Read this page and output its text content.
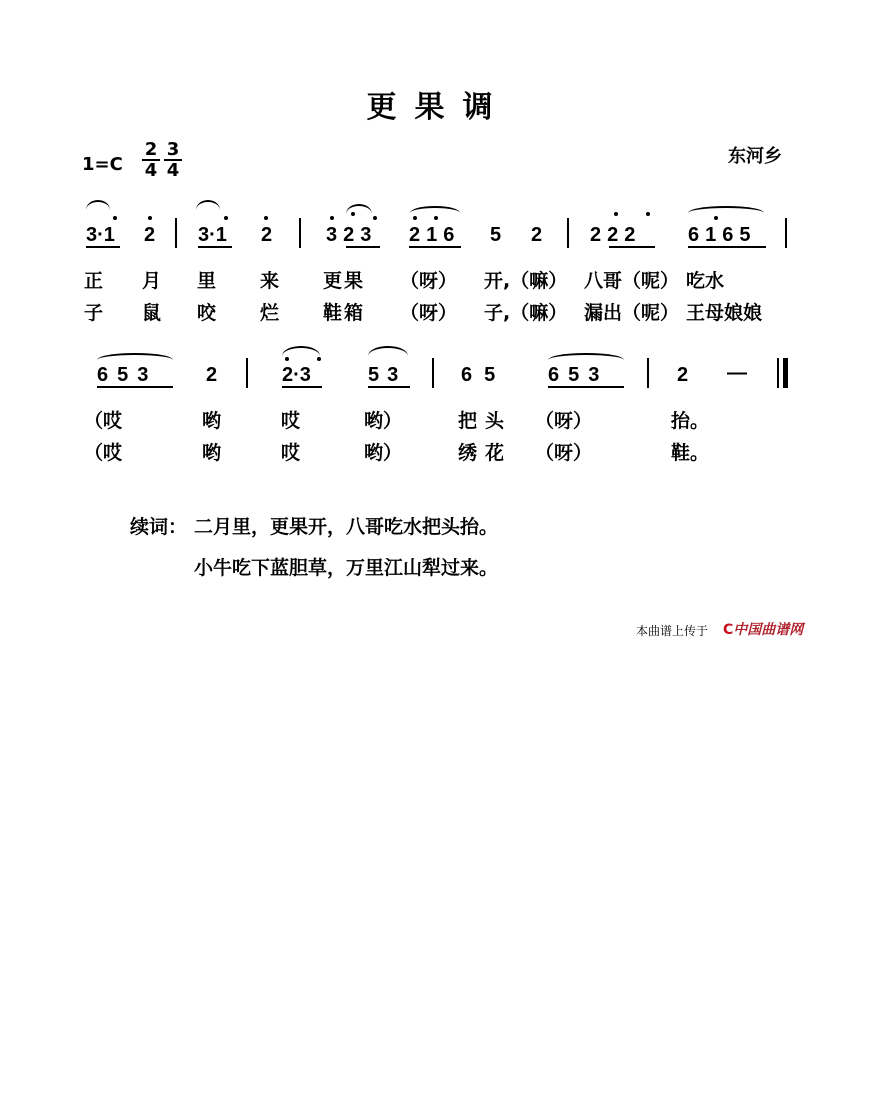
更果调
$1=C \frac{2}{4} \frac{3}{4}$	东河乡
3·1 2 3·1 2	323 216 5 2 222 6165
正 月 里 来 更果 （呀） 开,（嘛） 八哥（呢） 吃水
子 鼠 咬 烂 鞋箱 （呀） 子,（嘛） 漏出（呢） 王母娘娘
653 2	2·3	53	65 653	2 —
（哎	哟	哎	哟）	把头 （呀）	抬。
（哎	哟	哎	哟）	绣花 （呀）	鞋。
续词： 二月里，更果开，八哥吃水把头抬。
小牛吃下蓝胆草，万里江山犁过来。
本曲谱上传于 C中国曲谱网
